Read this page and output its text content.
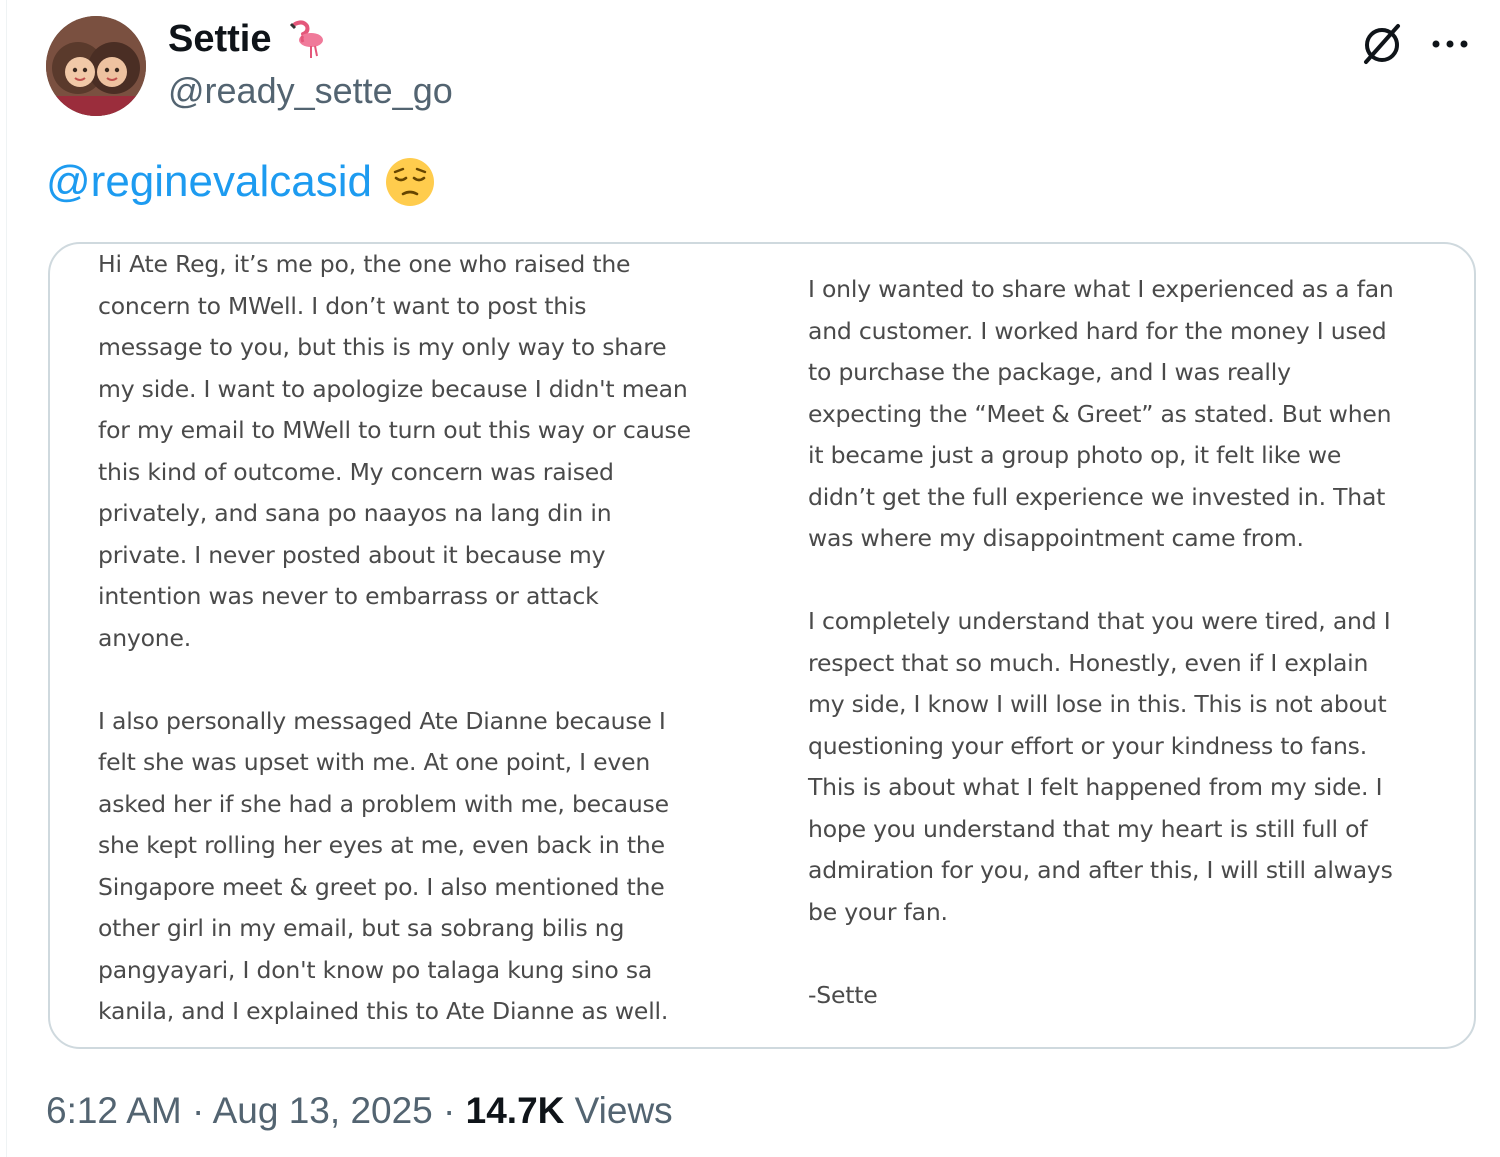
Settie
@ready_sette_go
@reginevalcasid
Hi Ate Reg, it’s me po, the one who raised the
concern to MWell. I don’t want to post this
message to you, but this is my only way to share
my side. I want to apologize because I didn't mean
for my email to MWell to turn out this way or cause
this kind of outcome. My concern was raised
privately, and sana po naayos na lang din in
private. I never posted about it because my
intention was never to embarrass or attack
anyone.

I also personally messaged Ate Dianne because I
felt she was upset with me. At one point, I even
asked her if she had a problem with me, because
she kept rolling her eyes at me, even back in the
Singapore meet & greet po. I also mentioned the
other girl in my email, but sa sobrang bilis ng
pangyayari, I don't know po talaga kung sino sa
kanila, and I explained this to Ate Dianne as well.
I only wanted to share what I experienced as a fan
and customer. I worked hard for the money I used
to purchase the package, and I was really
expecting the “Meet & Greet” as stated. But when
it became just a group photo op, it felt like we
didn’t get the full experience we invested in. That
was where my disappointment came from.

I completely understand that you were tired, and I
respect that so much. Honestly, even if I explain
my side, I know I will lose in this. This is not about
questioning your effort or your kindness to fans.
This is about what I felt happened from my side. I
hope you understand that my heart is still full of
admiration for you, and after this, I will still always
be your fan.

-Sette
6:12 AM · Aug 13, 2025 · 14.7K Views
